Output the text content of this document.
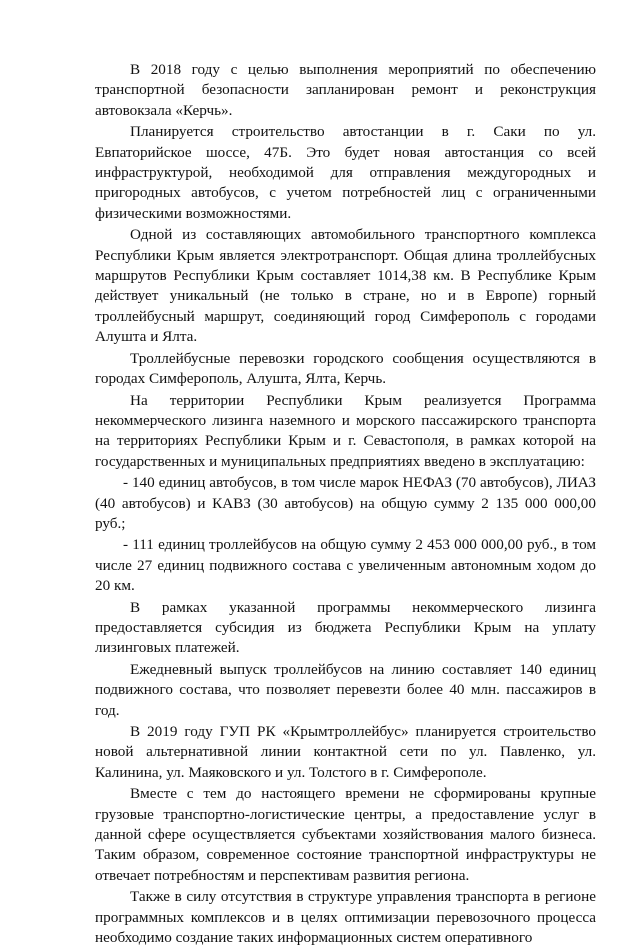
В 2018 году с целью выполнения мероприятий по обеспечению транспортной безопасности запланирован ремонт и реконструкция автовокзала «Керчь».

Планируется строительство автостанции в г. Саки по ул. Евпаторийское шоссе, 47Б. Это будет новая автостанция со всей инфраструктурой, необходимой для отправления междугородных и пригородных автобусов, с учетом потребностей лиц с ограниченными физическими возможностями.

Одной из составляющих автомобильного транспортного комплекса Республики Крым является электротранспорт. Общая длина троллейбусных маршрутов Республики Крым составляет 1014,38 км. В Республике Крым действует уникальный (не только в стране, но и в Европе) горный троллейбусный маршрут, соединяющий город Симферополь с городами Алушта и Ялта.

Троллейбусные перевозки городского сообщения осуществляются в городах Симферополь, Алушта, Ялта, Керчь.

На территории Республики Крым реализуется Программа некоммерческого лизинга наземного и морского пассажирского транспорта на территориях Республики Крым и г. Севастополя, в рамках которой на государственных и муниципальных предприятиях введено в эксплуатацию:

- 140 единиц автобусов, в том числе марок НЕФАЗ (70 автобусов), ЛИАЗ (40 автобусов) и КАВЗ (30 автобусов) на общую сумму 2 135 000 000,00 руб.;

- 111 единиц троллейбусов на общую сумму 2 453 000 000,00 руб., в том числе 27 единиц подвижного состава с увеличенным автономным ходом до 20 км.

В рамках указанной программы некоммерческого лизинга предоставляется субсидия из бюджета Республики Крым на уплату лизинговых платежей.

Ежедневный выпуск троллейбусов на линию составляет 140 единиц подвижного состава, что позволяет перевезти более 40 млн. пассажиров в год.

В 2019 году ГУП РК «Крымтроллейбус» планируется строительство новой альтернативной линии контактной сети по ул. Павленко, ул. Калинина, ул. Маяковского и ул. Толстого в г. Симферополе.

Вместе с тем до настоящего времени не сформированы крупные грузовые транспортно-логистические центры, а предоставление услуг в данной сфере осуществляется субъектами хозяйствования малого бизнеса. Таким образом, современное состояние транспортной инфраструктуры не отвечает потребностям и перспективам развития региона.

Также в силу отсутствия в структуре управления транспорта в регионе программных комплексов и в целях оптимизации перевозочного процесса необходимо создание таких информационных систем оперативного
